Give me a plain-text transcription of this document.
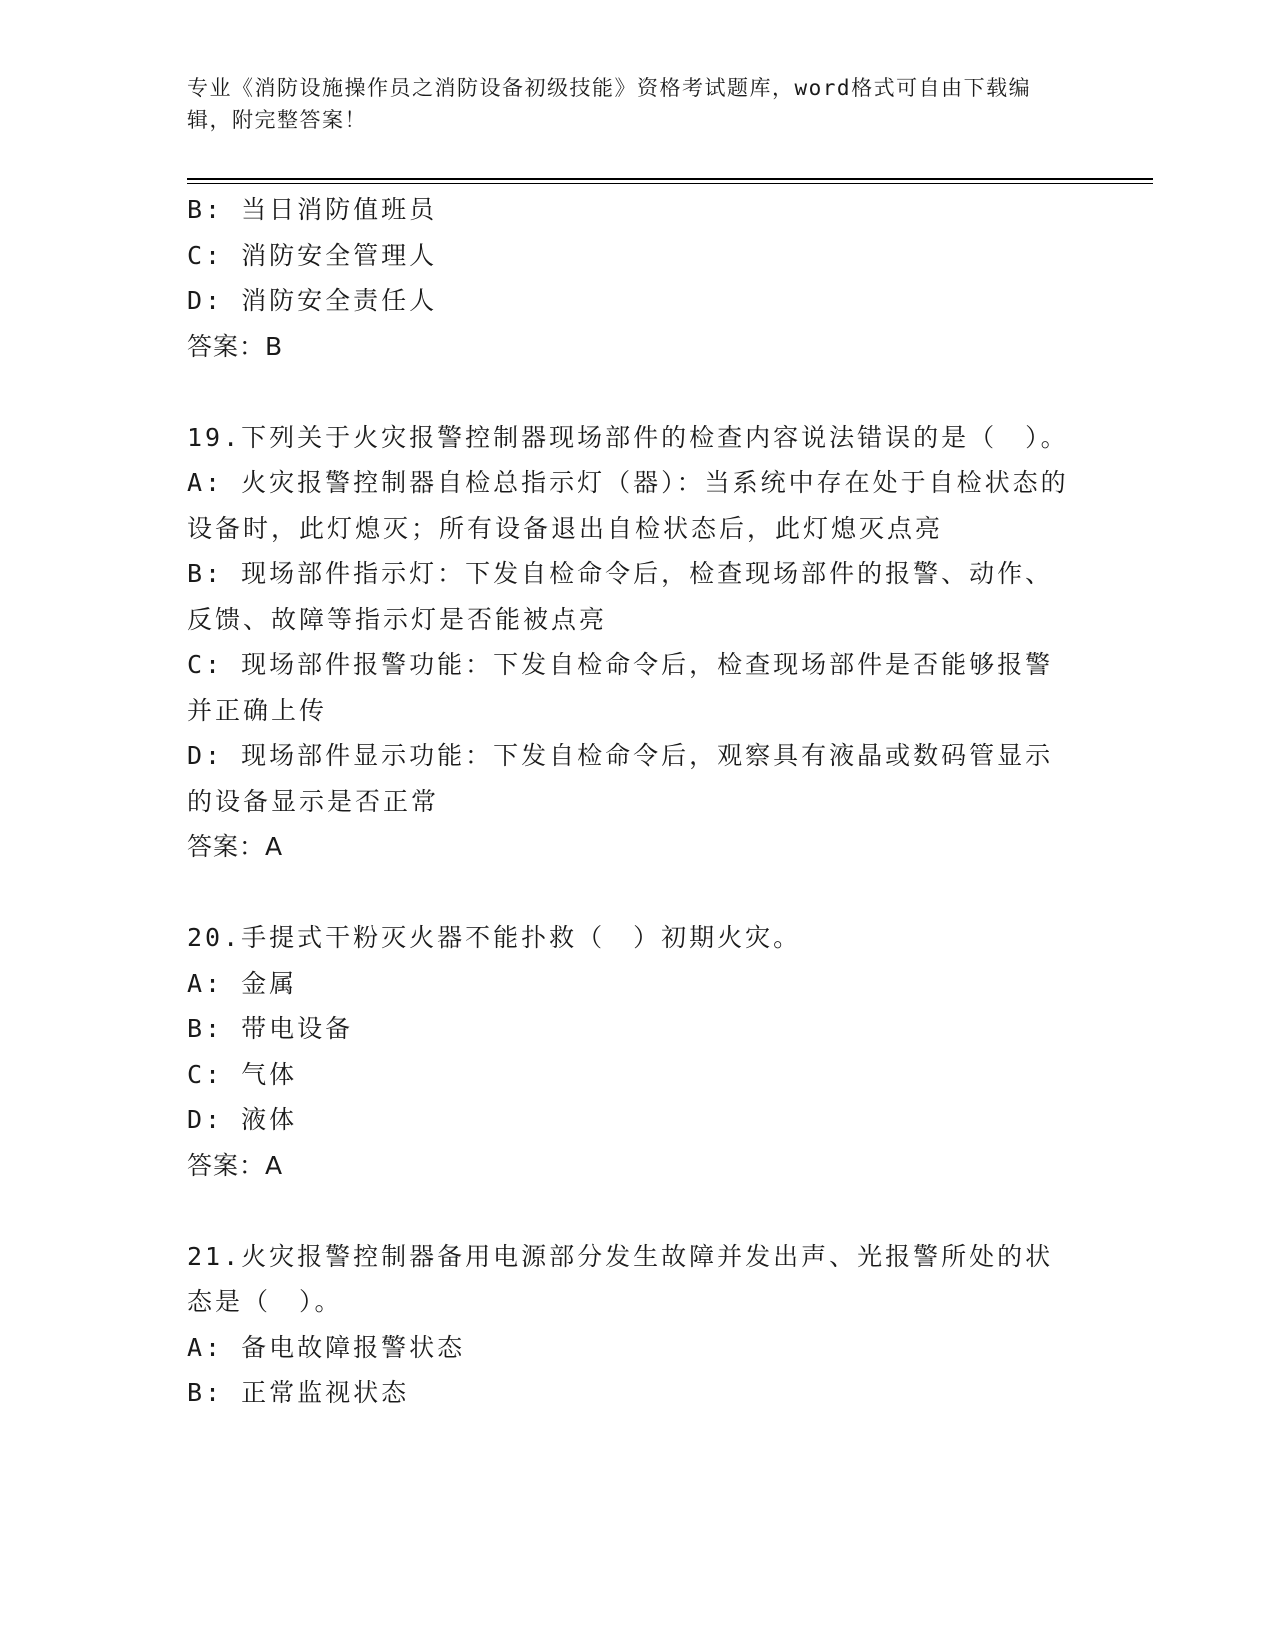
专业《消防设施操作员之消防设备初级技能》资格考试题库，word格式可自由下载编辑，附完整答案！
B: 当日消防值班员
C: 消防安全管理人
D: 消防安全责任人
答案：B
19.下列关于火灾报警控制器现场部件的检查内容说法错误的是（　）。
A: 火灾报警控制器自检总指示灯（器）：当系统中存在处于自检状态的设备时，此灯熄灭；所有设备退出自检状态后，此灯熄灭点亮
B: 现场部件指示灯：下发自检命令后，检查现场部件的报警、动作、反馈、故障等指示灯是否能被点亮
C: 现场部件报警功能：下发自检命令后，检查现场部件是否能够报警并正确上传
D: 现场部件显示功能：下发自检命令后，观察具有液晶或数码管显示的设备显示是否正常
答案：A
20.手提式干粉灭火器不能扑救（　）初期火灾。
A: 金属
B: 带电设备
C: 气体
D: 液体
答案：A
21.火灾报警控制器备用电源部分发生故障并发出声、光报警所处的状态是（　）。
A: 备电故障报警状态
B: 正常监视状态
